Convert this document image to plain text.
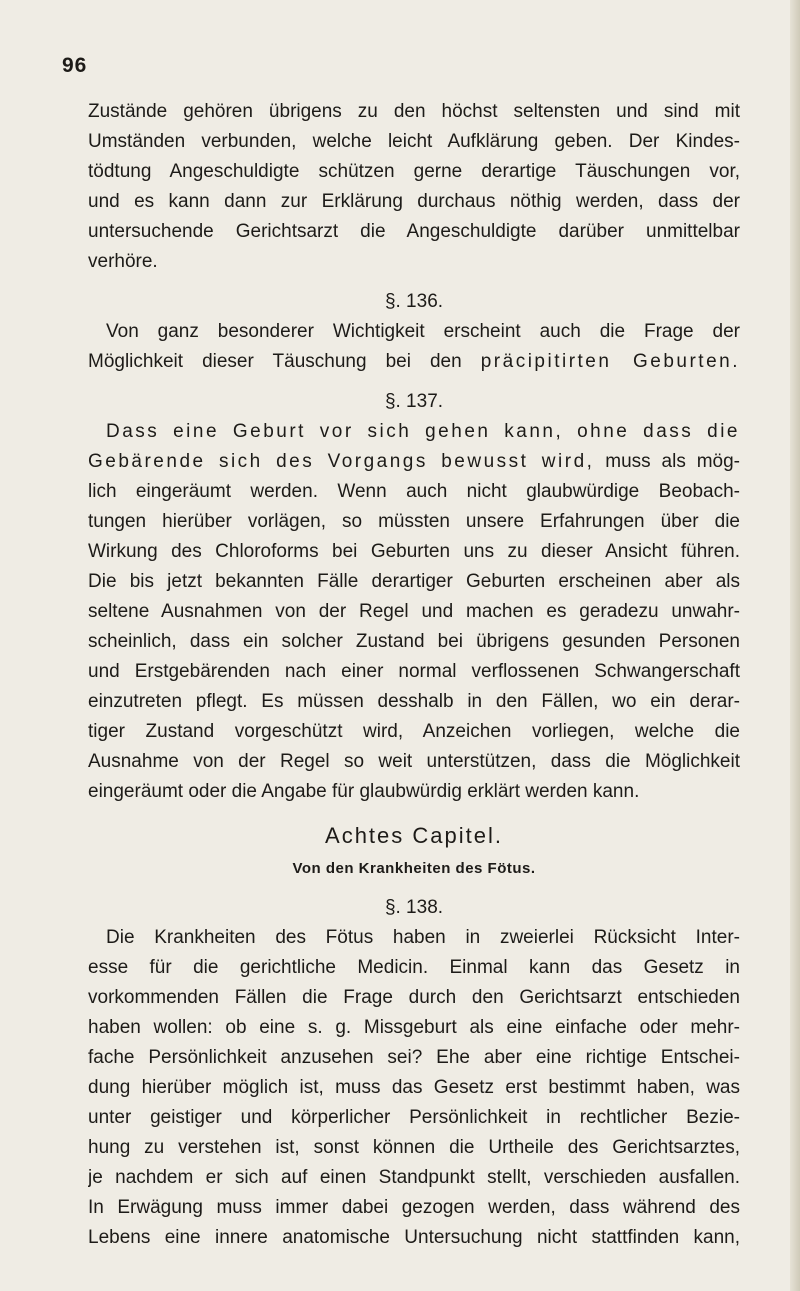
96
Zustände gehören übrigens zu den höchst seltensten und sind mit
Umständen verbunden, welche leicht Aufklärung geben. Der Kindes-
tödtung Angeschuldigte schützen gerne derartige Täuschungen vor,
und es kann dann zur Erklärung durchaus nöthig werden, dass der
untersuchende Gerichtsarzt die Angeschuldigte darüber unmittelbar
verhöre.
§. 136.
Von ganz besonderer Wichtigkeit erscheint auch die Frage der
Möglichkeit dieser Täuschung bei den präcipitirten Geburten.
§. 137.
Dass eine Geburt vor sich gehen kann, ohne dass die
Gebärende sich des Vorgangs bewusst wird, muss als mög-
lich eingeräumt werden. Wenn auch nicht glaubwürdige Beobach-
tungen hierüber vorlägen, so müssten unsere Erfahrungen über die
Wirkung des Chloroforms bei Geburten uns zu dieser Ansicht führen.
Die bis jetzt bekannten Fälle derartiger Geburten erscheinen aber als
seltene Ausnahmen von der Regel und machen es geradezu unwahr-
scheinlich, dass ein solcher Zustand bei übrigens gesunden Personen
und Erstgebärenden nach einer normal verflossenen Schwangerschaft
einzutreten pflegt. Es müssen desshalb in den Fällen, wo ein derar-
tiger Zustand vorgeschützt wird, Anzeichen vorliegen, welche die
Ausnahme von der Regel so weit unterstützen, dass die Möglichkeit
eingeräumt oder die Angabe für glaubwürdig erklärt werden kann.
Achtes Capitel.
Von den Krankheiten des Fötus.
§. 138.
Die Krankheiten des Fötus haben in zweierlei Rücksicht Inter-
esse für die gerichtliche Medicin. Einmal kann das Gesetz in
vorkommenden Fällen die Frage durch den Gerichtsarzt entschieden
haben wollen: ob eine s. g. Missgeburt als eine einfache oder mehr-
fache Persönlichkeit anzusehen sei? Ehe aber eine richtige Entschei-
dung hierüber möglich ist, muss das Gesetz erst bestimmt haben, was
unter geistiger und körperlicher Persönlichkeit in rechtlicher Bezie-
hung zu verstehen ist, sonst können die Urtheile des Gerichtsarztes,
je nachdem er sich auf einen Standpunkt stellt, verschieden ausfallen.
In Erwägung muss immer dabei gezogen werden, dass während des
Lebens eine innere anatomische Untersuchung nicht stattfinden kann,
